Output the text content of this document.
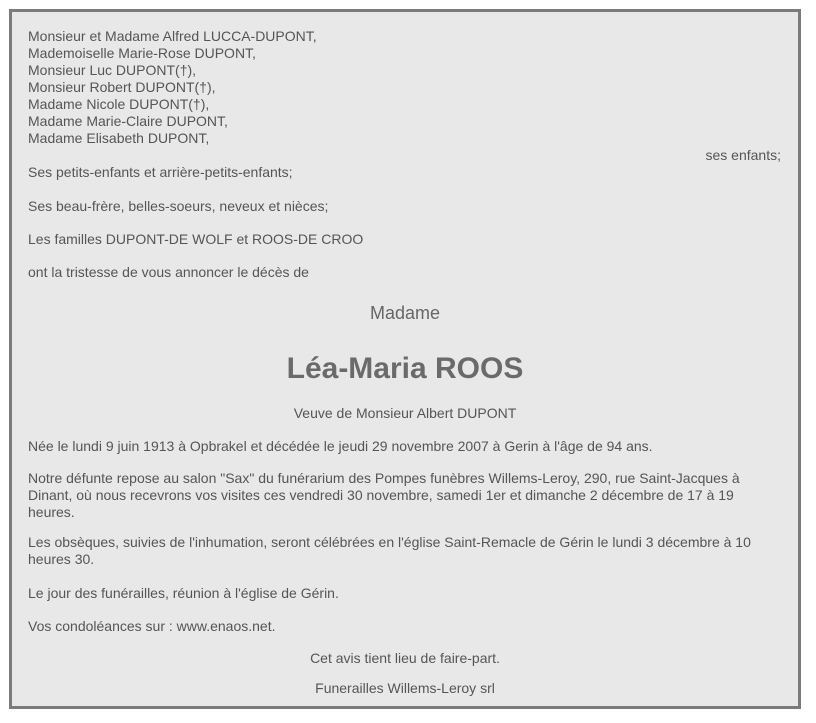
Monsieur et Madame Alfred LUCCA-DUPONT,
Mademoiselle Marie-Rose DUPONT,
Monsieur Luc DUPONT(†),
Monsieur Robert DUPONT(†),
Madame Nicole DUPONT(†),
Madame Marie-Claire DUPONT,
Madame Elisabeth DUPONT,
ses enfants;
Ses petits-enfants et arrière-petits-enfants;
Ses beau-frère, belles-soeurs, neveux et nièces;
Les familles DUPONT-DE WOLF et ROOS-DE CROO
ont la tristesse de vous annoncer le décès de
Madame
Léa-Maria ROOS
Veuve de Monsieur Albert DUPONT
Née le lundi 9 juin 1913 à Opbrakel et décédée le jeudi 29 novembre 2007 à Gerin à l'âge de 94 ans.
Notre défunte repose au salon "Sax" du funérarium des Pompes funèbres Willems-Leroy, 290, rue Saint-Jacques à Dinant, où nous recevrons vos visites ces vendredi 30 novembre, samedi 1er et dimanche 2 décembre de 17 à 19 heures.
Les obsèques, suivies de l'inhumation, seront célébrées en l'église Saint-Remacle de Gérin le lundi 3 décembre à 10 heures 30.
Le jour des funérailles, réunion à l'église de Gérin.
Vos condoléances sur : www.enaos.net.
Cet avis tient lieu de faire-part.
Funerailles Willems-Leroy srl
